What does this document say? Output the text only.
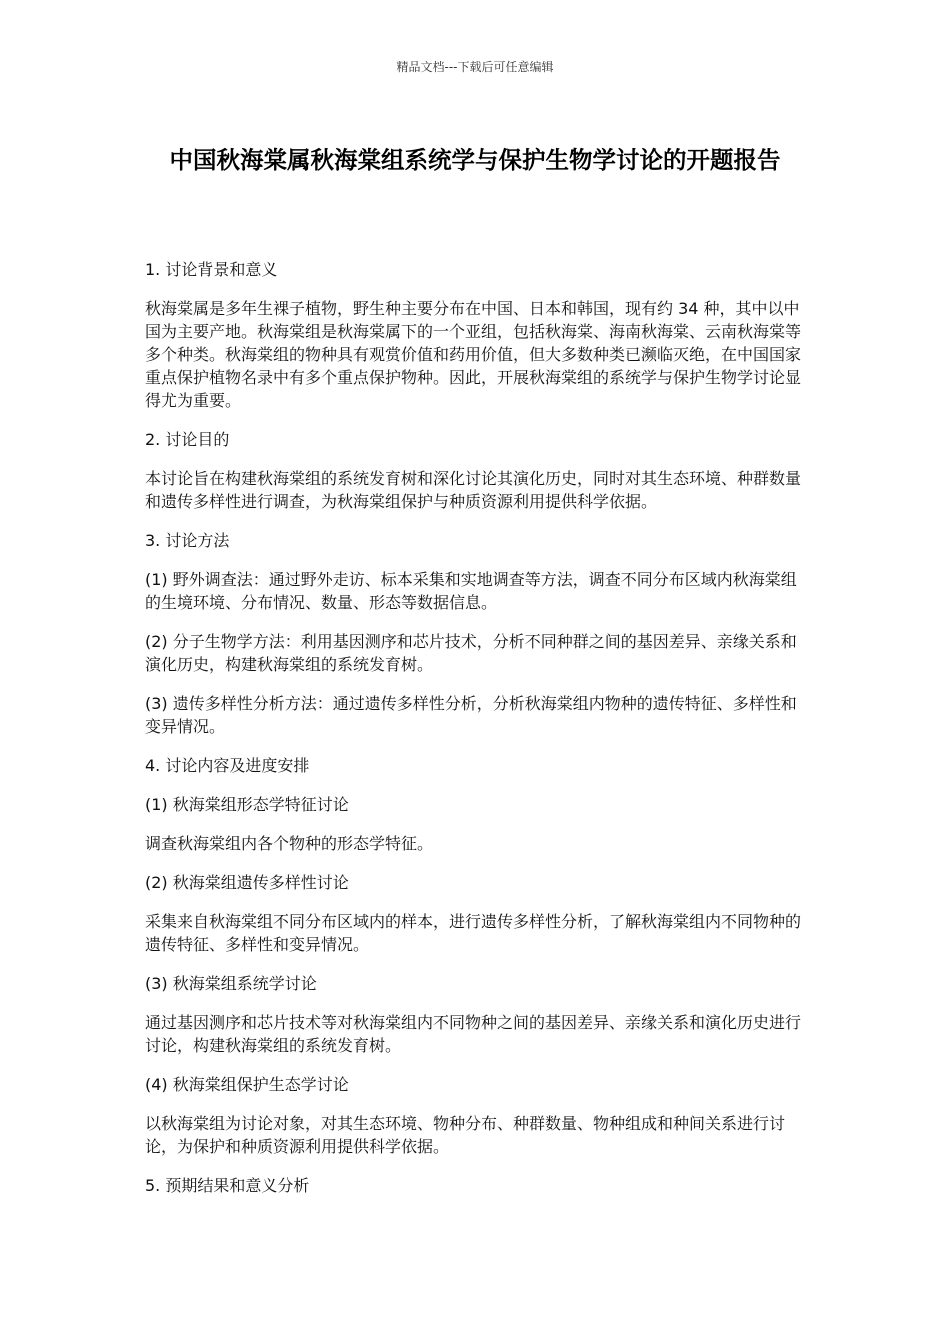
精品文档---下载后可任意编辑
中国秋海棠属秋海棠组系统学与保护生物学讨论的开题报告

1. 讨论背景和意义

秋海棠属是多年生裸子植物，野生种主要分布在中国、日本和韩国，现有约 34 种，其中以中国为主要产地。秋海棠组是秋海棠属下的一个亚组，包括秋海棠、海南秋海棠、云南秋海棠等多个种类。秋海棠组的物种具有观赏价值和药用价值，但大多数种类已濒临灭绝，在中国国家重点保护植物名录中有多个重点保护物种。因此，开展秋海棠组的系统学与保护生物学讨论显得尤为重要。

2. 讨论目的

本讨论旨在构建秋海棠组的系统发育树和深化讨论其演化历史，同时对其生态环境、种群数量和遗传多样性进行调查，为秋海棠组保护与种质资源利用提供科学依据。

3. 讨论方法

(1) 野外调查法：通过野外走访、标本采集和实地调查等方法，调查不同分布区域内秋海棠组的生境环境、分布情况、数量、形态等数据信息。

(2) 分子生物学方法：利用基因测序和芯片技术，分析不同种群之间的基因差异、亲缘关系和演化历史，构建秋海棠组的系统发育树。

(3) 遗传多样性分析方法：通过遗传多样性分析，分析秋海棠组内物种的遗传特征、多样性和变异情况。

4. 讨论内容及进度安排

(1) 秋海棠组形态学特征讨论

调查秋海棠组内各个物种的形态学特征。

(2) 秋海棠组遗传多样性讨论

采集来自秋海棠组不同分布区域内的样本，进行遗传多样性分析，了解秋海棠组内不同物种的遗传特征、多样性和变异情况。

(3) 秋海棠组系统学讨论

通过基因测序和芯片技术等对秋海棠组内不同物种之间的基因差异、亲缘关系和演化历史进行讨论，构建秋海棠组的系统发育树。

(4) 秋海棠组保护生态学讨论

以秋海棠组为讨论对象，对其生态环境、物种分布、种群数量、物种组成和种间关系进行讨论，为保护和种质资源利用提供科学依据。

5. 预期结果和意义分析
